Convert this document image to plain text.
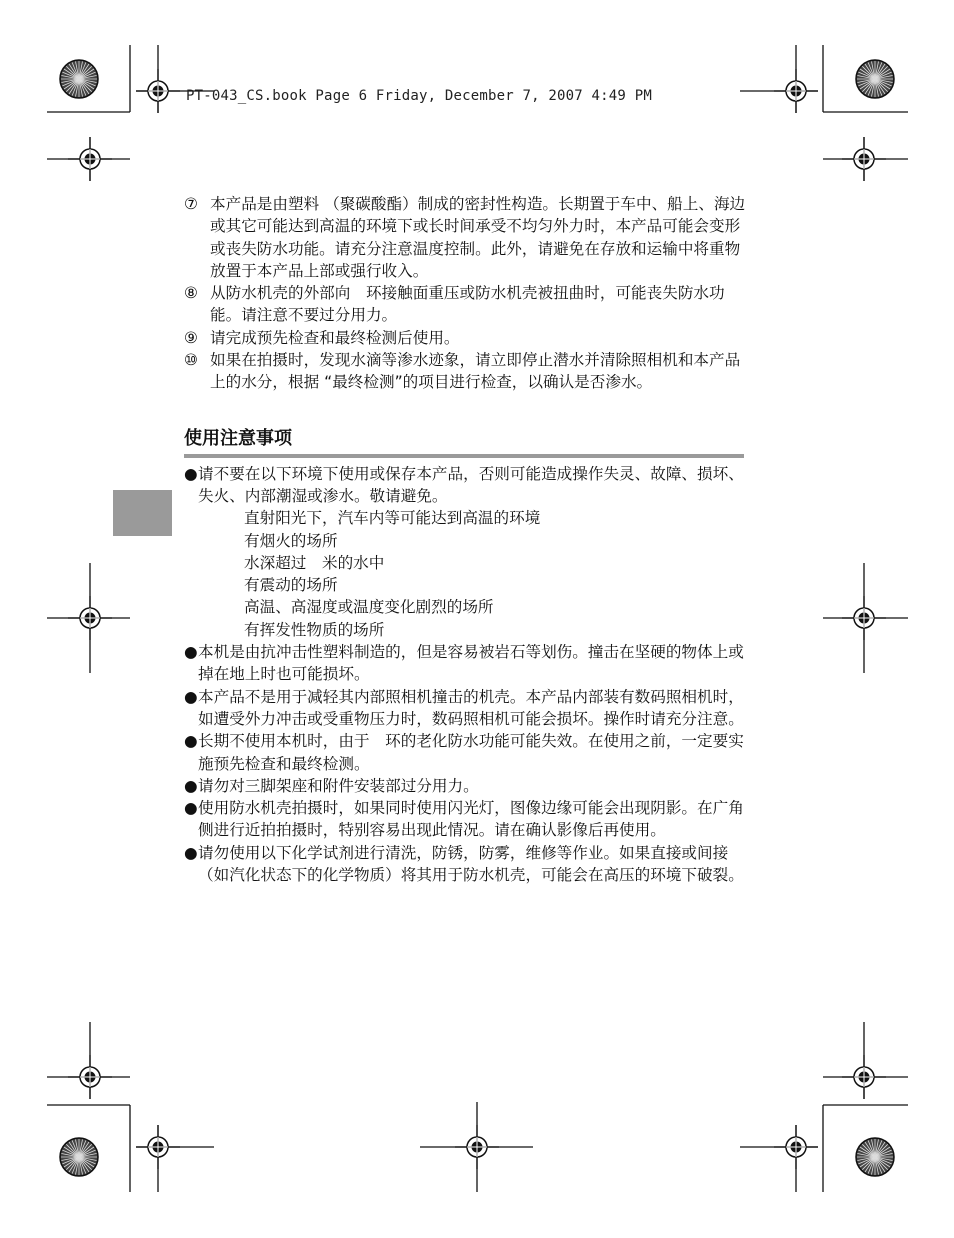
PT-043_CS.book Page 6 Friday, December 7, 2007 4:49 PM

⑦ 本产品是由塑料 （聚碳酸酯）制成的密封性构造。长期置于车中、船上、海边或其它可能达到高温的环境下或长时间承受不均匀外力时，本产品可能会变形或丧失防水功能。请充分注意温度控制。此外，请避免在存放和运输中将重物放置于本产品上部或强行收入。

⑧ 从防水机壳的外部向　环接触面重压或防水机壳被扭曲时，可能丧失防水功能。请注意不要过分用力。

⑨ 请完成预先检查和最终检测后使用。

⑩ 如果在拍摄时，发现水滴等渗水迹象，请立即停止潜水并清除照相机和本产品上的水分，根据 “最终检测”的项目进行检查，以确认是否渗水。

使用注意事项
● 请不要在以下环境下使用或保存本产品，否则可能造成操作失灵、故障、损坏、失火、内部潮湿或渗水。敬请避免。
直射阳光下，汽车内等可能达到高温的环境
有烟火的场所
水深超过　米的水中
有震动的场所
高温、高湿度或温度变化剧烈的场所
有挥发性物质的场所

● 本机是由抗冲击性塑料制造的，但是容易被岩石等划伤。撞击在坚硬的物体上或掉在地上时也可能损坏。

● 本产品不是用于减轻其内部照相机撞击的机壳。本产品内部装有数码照相机时，如遭受外力冲击或受重物压力时，数码照相机可能会损坏。操作时请充分注意。

● 长期不使用本机时，由于　环的老化防水功能可能失效。在使用之前，一定要实施预先检查和最终检测。

● 请勿对三脚架座和附件安装部过分用力。

● 使用防水机壳拍摄时，如果同时使用闪光灯，图像边缘可能会出现阴影。在广角侧进行近拍拍摄时，特别容易出现此情况。请在确认影像后再使用。

● 请勿使用以下化学试剂进行清洗，防锈，防雾，维修等作业。如果直接或间接 （如汽化状态下的化学物质）将其用于防水机壳，可能会在高压的环境下破裂。
